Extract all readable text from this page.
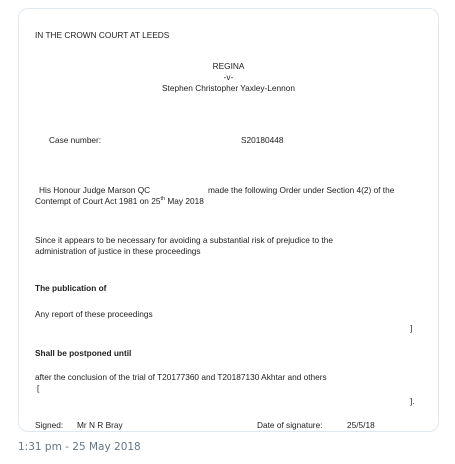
IN THE CROWN COURT AT LEEDS
REGINA
-v-
Stephen Christopher Yaxley-Lennon
Case number:	S20180448
His Honour Judge Marson QC	made the following Order under Section 4(2) of the
Contempt of Court Act 1981 on 25th May 2018
Since it appears to be necessary for avoiding a substantial risk of prejudice to the
administration of justice in these proceedings
The publication of
Any report of these proceedings
]
Shall be postponed until
after the conclusion of the trial of T20177360 and T20187130 Akhtar and others
[
].
Signed: Mr N R Bray	Date of signature:	25/5/18
1:31 pm - 25 May 2018
